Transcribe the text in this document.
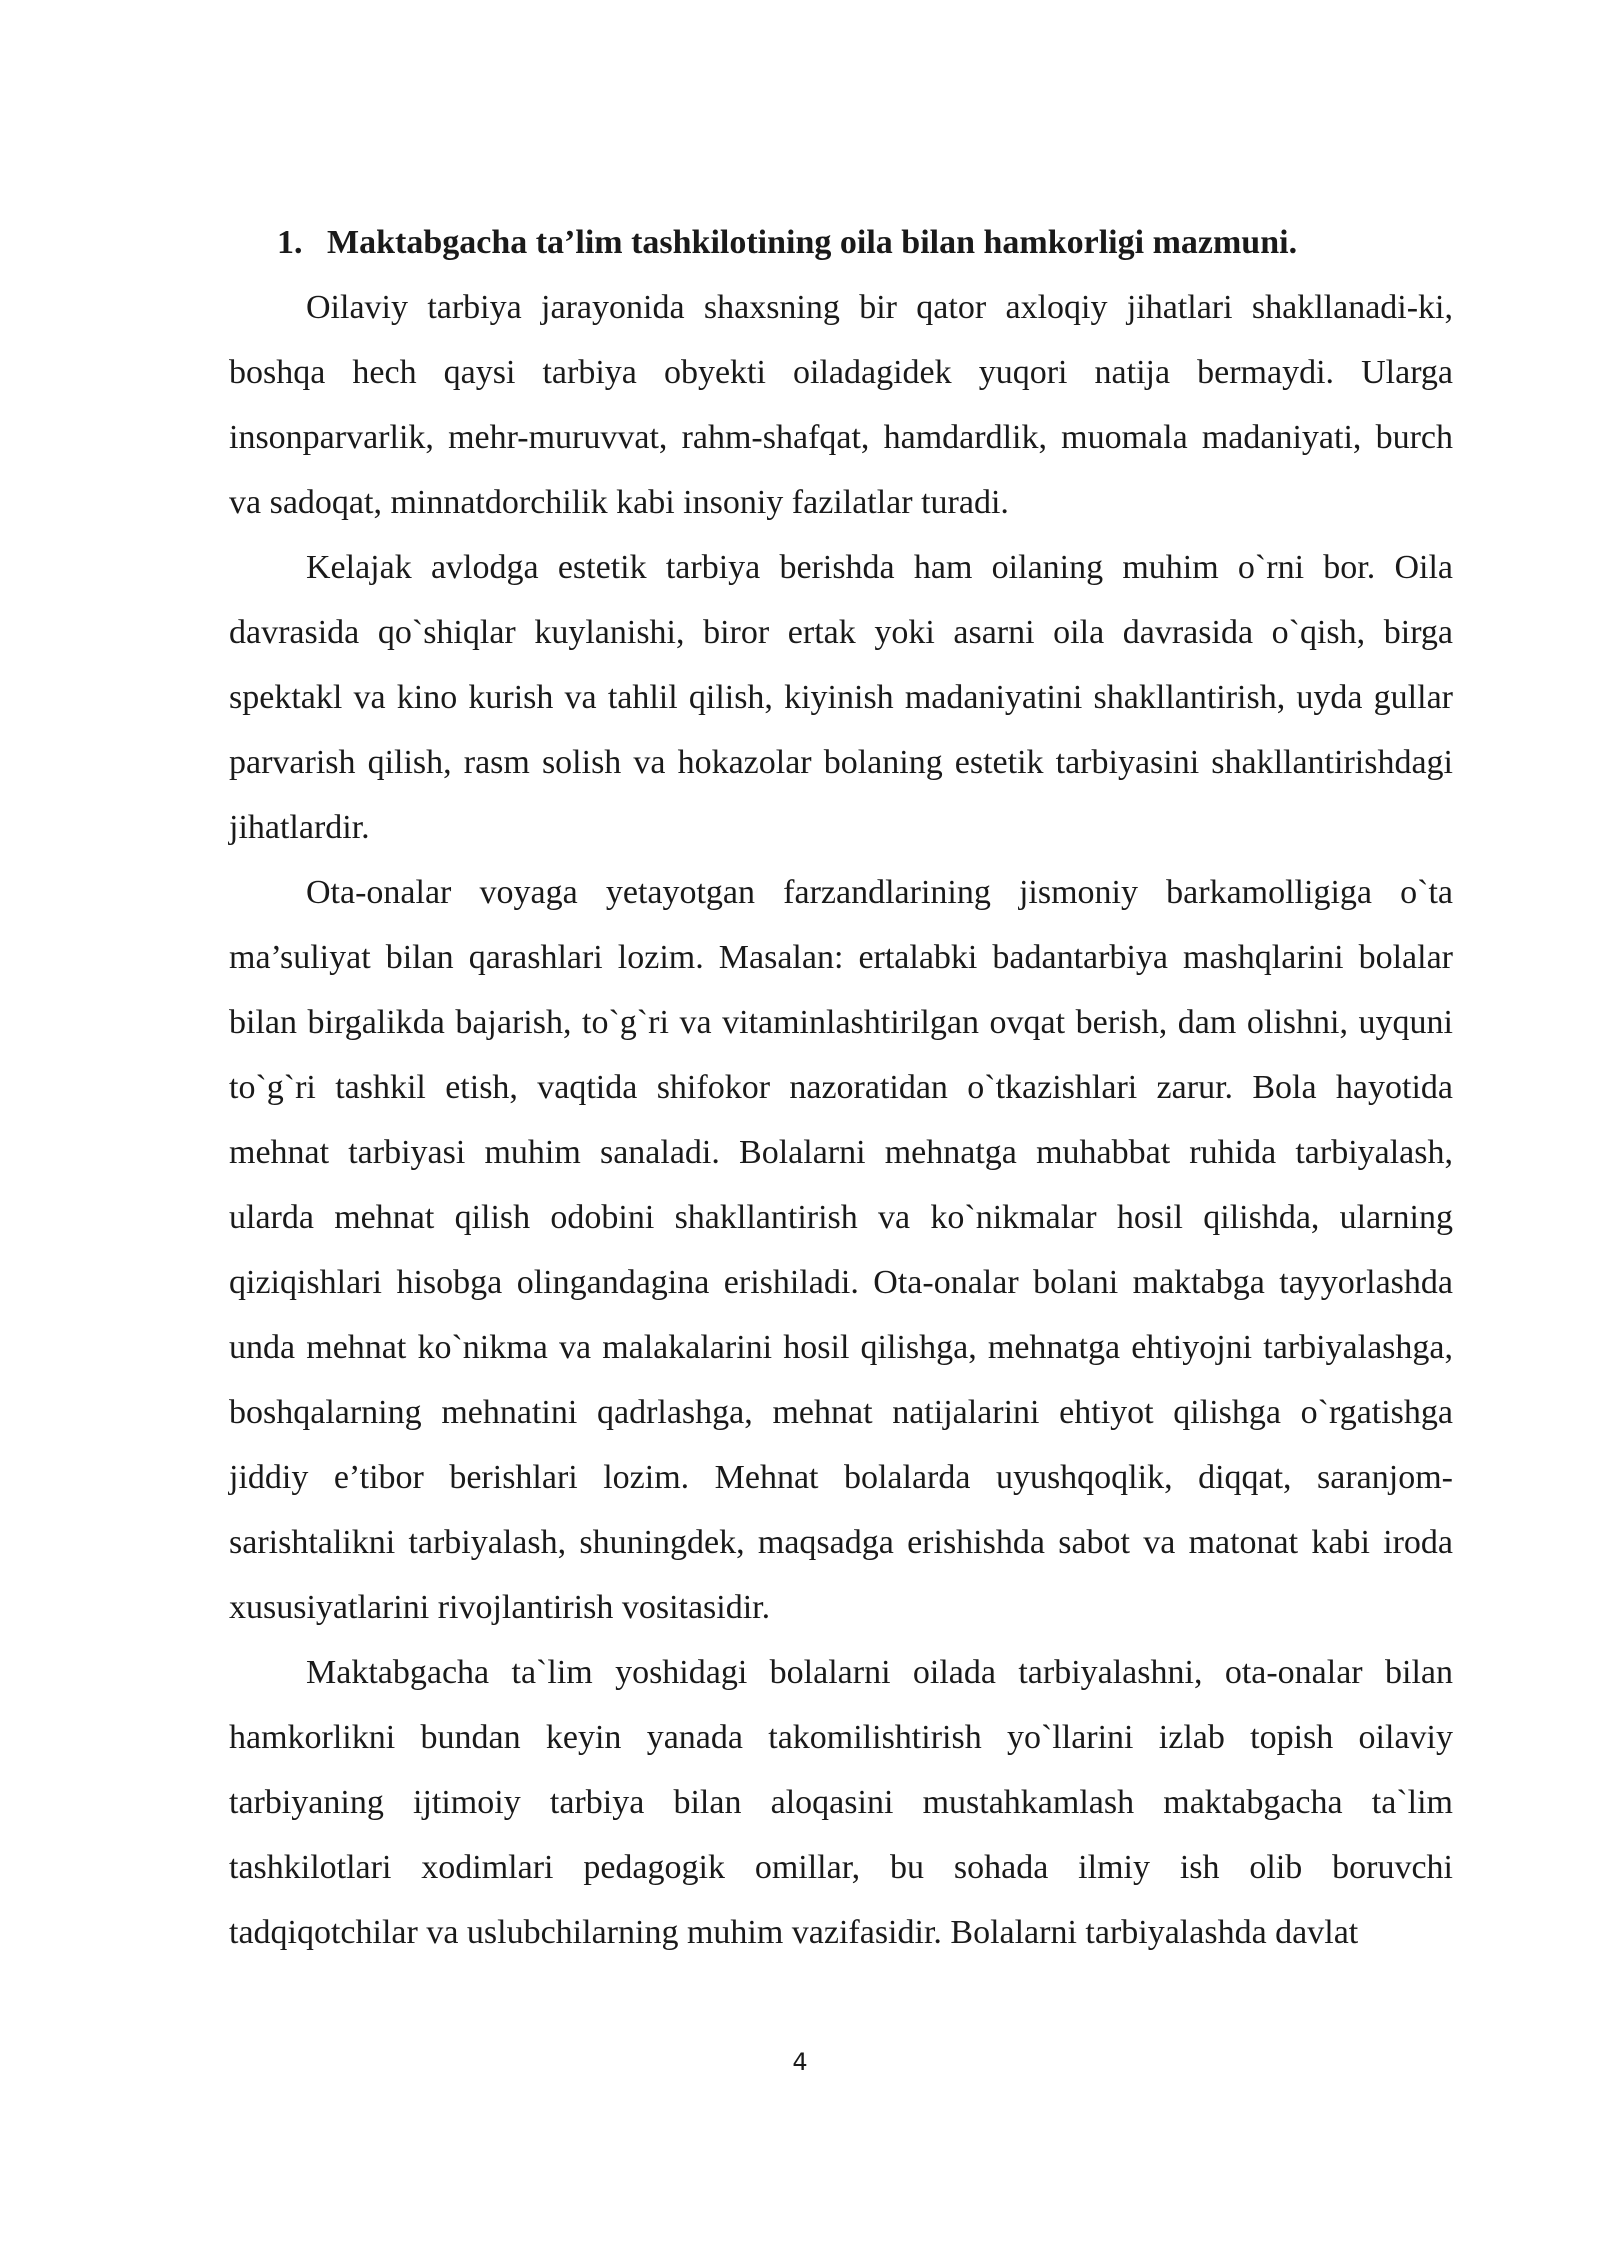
1. Maktabgacha ta’lim tashkilotining oila bilan hamkorligi mazmuni.

Oilaviy tarbiya jarayonida shaxsning bir qator axloqiy jihatlari shakllanadi-ki, boshqa hech qaysi tarbiya obyekti oiladagidek yuqori natija bermaydi. Ularga insonparvarlik, mehr-muruvvat, rahm-shafqat, hamdardlik, muomala madaniyati, burch va sadoqat, minnatdorchilik kabi insoniy fazilatlar turadi.

Kelajak avlodga estetik tarbiya berishda ham oilaning muhim o`rni bor. Oila davrasida qo`shiqlar kuylanishi, biror ertak yoki asarni oila davrasida o`qish, birga spektakl va kino kurish va tahlil qilish, kiyinish madaniyatini shakllantirish, uyda gullar parvarish qilish, rasm solish va hokazolar bolaning estetik tarbiyasini shakllantirishdagi jihatlardir.

Ota-onalar voyaga yetayotgan farzandlarining jismoniy barkamolligiga o`ta ma’suliyat bilan qarashlari lozim. Masalan: ertalabki badantarbiya mashqlarini bolalar bilan birgalikda bajarish, to`g`ri va vitaminlashtirilgan ovqat berish, dam olishni, uyquni to`g`ri tashkil etish, vaqtida shifokor nazoratidan o`tkazishlari zarur. Bola hayotida mehnat tarbiyasi muhim sanaladi. Bolalarni mehnatga muhabbat ruhida tarbiyalash, ularda mehnat qilish odobini shakllantirish va ko`nikmalar hosil qilishda, ularning qiziqishlari hisobga olingandagina erishiladi. Ota-onalar bolani maktabga tayyorlashda unda mehnat ko`nikma va malakalarini hosil qilishga, mehnatga ehtiyojni tarbiyalashga, boshqalarning mehnatini qadrlashga, mehnat natijalarini ehtiyot qilishga o`rgatishga jiddiy e’tibor berishlari lozim. Mehnat bolalarda uyushqoqlik, diqqat, saranjom-sarishtalikni tarbiyalash, shuningdek, maqsadga erishishda sabot va matonat kabi iroda xususiyatlarini rivojlantirish vositasidir.

Maktabgacha ta`lim yoshidagi bolalarni oilada tarbiyalashni, ota-onalar bilan hamkorlikni bundan keyin yanada takomilishtirish yo`llarini izlab topish oilaviy tarbiyaning ijtimoiy tarbiya bilan aloqasini mustahkamlash maktabgacha ta`lim tashkilotlari xodimlari pedagogik omillar, bu sohada ilmiy ish olib boruvchi tadqiqotchilar va uslubchilarning muhim vazifasidir. Bolalarni tarbiyalashda davlat

4
